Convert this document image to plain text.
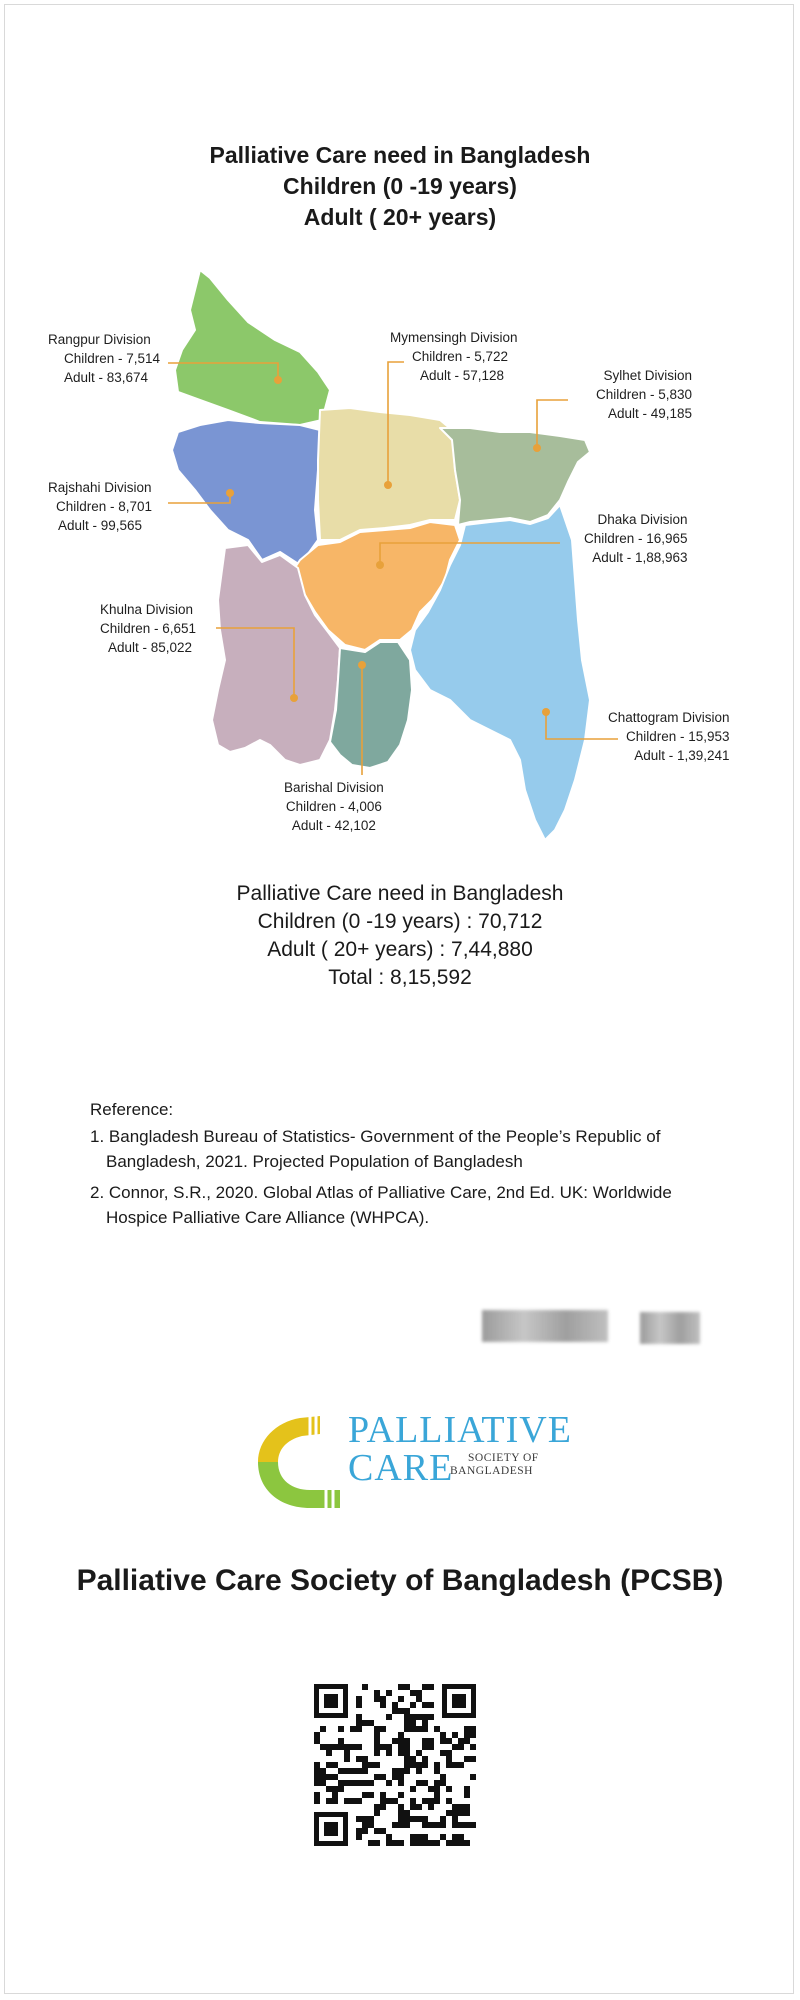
Palliative Care need in Bangladesh
Children (0 -19 years)
Adult ( 20+ years)
Rangpur Division
Children - 7,514
Adult - 83,674
Mymensingh Division
Children - 5,722
Adult - 57,128	Sylhet Division
Children - 5,830
Adult - 49,185
Rajshahi Division
Children - 8,701
Adult - 99,565	Dhaka Division
Children - 16,965
Adult - 1,88,963
Khulna Division
Children - 6,651
Adult - 85,022
Chattogram Division
Children - 15,953
Adult - 1,39,241
Barishal Division
Children - 4,006
Adult - 42,102
Palliative Care need in Bangladesh
Children (0 -19 years) : 70,712
Adult ( 20+ years) : 7,44,880
Total : 8,15,592
Reference:
1. Bangladesh Bureau of Statistics- Government of the People’s Republic of Bangladesh, 2021. Projected Population of Bangladesh
2. Connor, S.R., 2020. Global Atlas of Palliative Care, 2nd Ed. UK: Worldwide Hospice Palliative Care Alliance (WHPCA).
PALLIATIVE
CARE	SOCIETY OF
BANGLADESH
Palliative Care Society of Bangladesh (PCSB)
